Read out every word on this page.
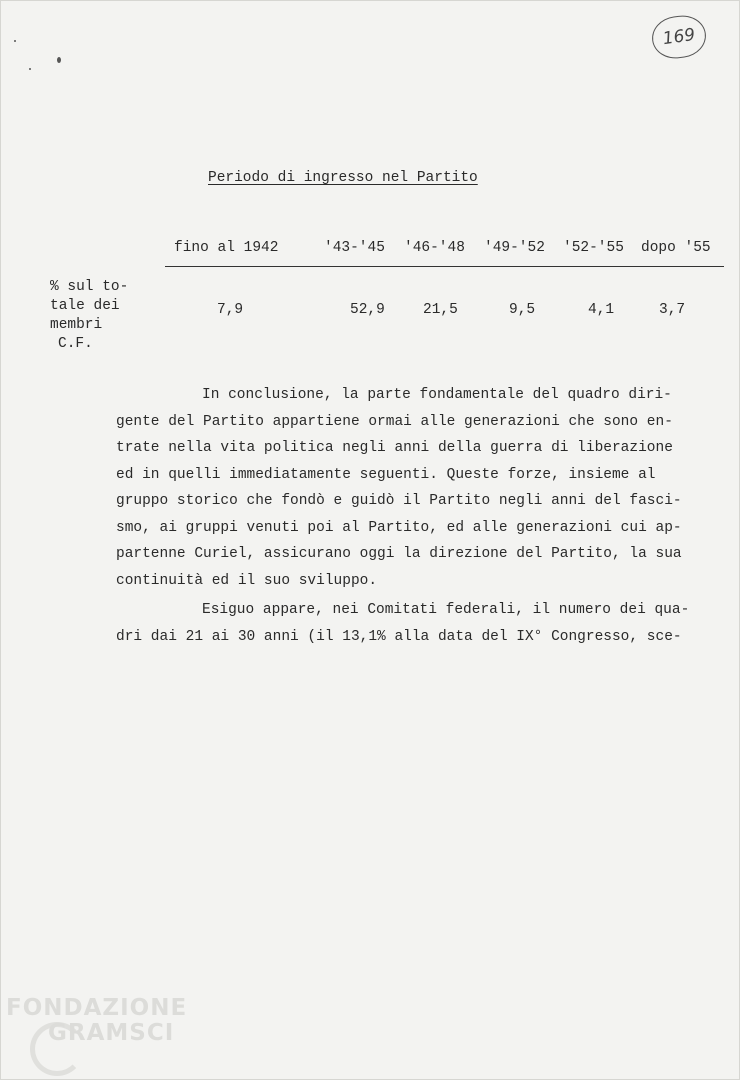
169
Periodo di ingresso nel Partito
fino al 1942	'43-'45 '46-'48 '49-'52 '52-'55 dopo '55
% sul to-
tale dei
membri
C.F.
7,9	52,9	21,5	9,5	4,1	3,7
In conclusione, la parte fondamentale del quadro diri-
gente del Partito appartiene ormai alle generazioni che sono en-
trate nella vita politica negli anni della guerra di liberazione
ed in quelli immediatamente seguenti. Queste forze, insieme al
gruppo storico che fondò e guidò il Partito negli anni del fasci-
smo, ai gruppi venuti poi al Partito, ed alle generazioni cui ap-
partenne Curiel, assicurano oggi la direzione del Partito, la sua
continuità ed il suo sviluppo.
Esiguo appare, nei Comitati federali, il numero dei qua-
dri dai 21 ai 30 anni (il 13,1% alla data del IX° Congresso, sce-
FONDAZIONE
GRAMSCI
